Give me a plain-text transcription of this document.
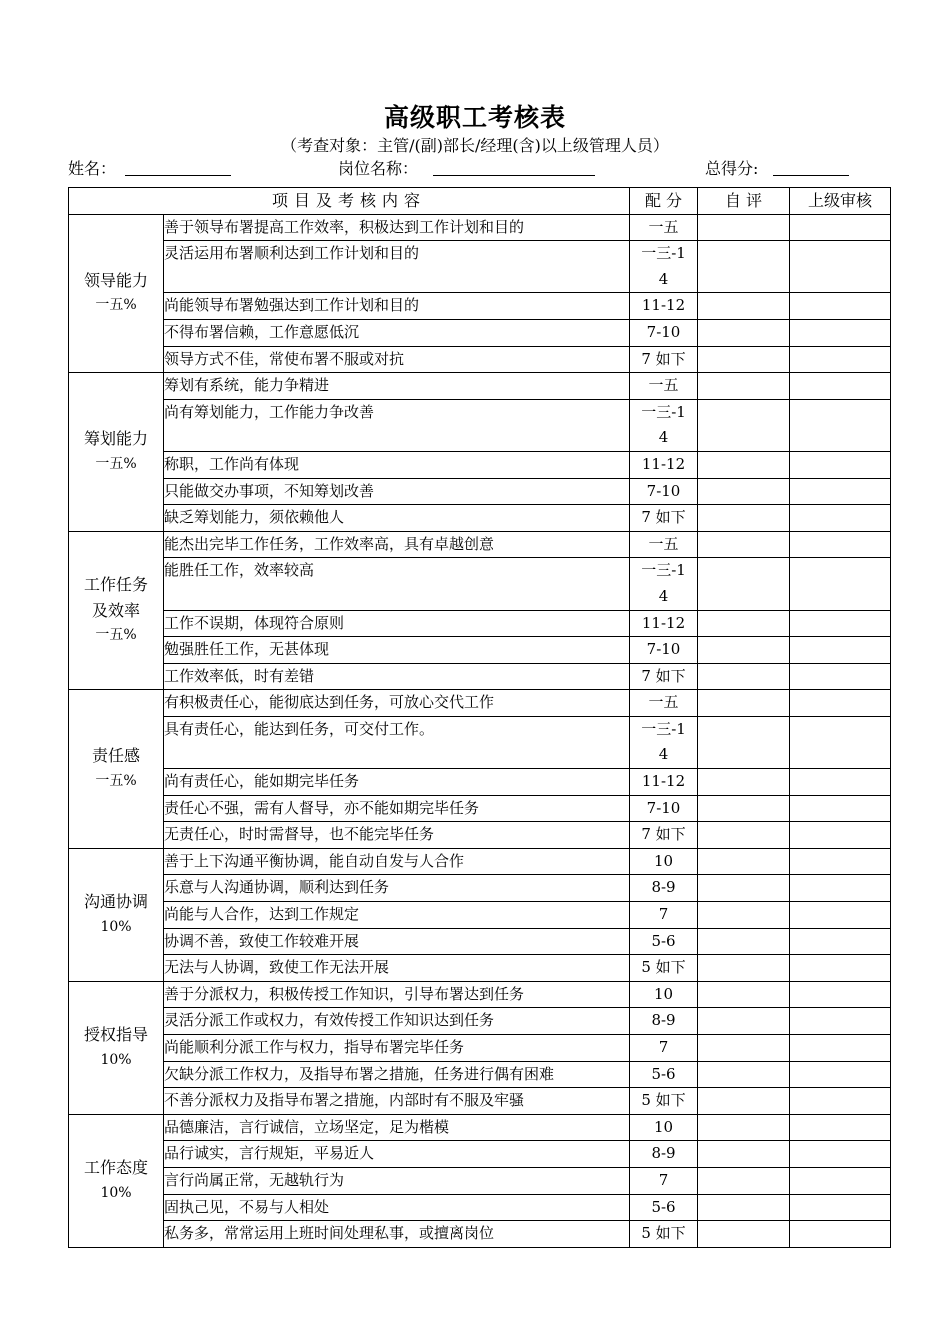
高级职工考核表
（考查对象：主管/(副)部长/经理(含)以上级管理人员）
姓名：	岗位名称：	总得分:
项目及考核内容		配 分	自 评	上级审核

领导能力
一五%	善于领导布署提高工作效率，积极达到工作计划和目的	一五		
	灵活运用布署顺利达到工作计划和目的	一三-14		
	尚能领导布署勉强达到工作计划和目的	11-12		
	不得布署信赖，工作意愿低沉	7-10		
	领导方式不佳，常使布署不服或对抗	7 如下		

筹划能力
一五%	筹划有系统，能力争精进	一五		
	尚有筹划能力，工作能力争改善	一三-14		
	称职，工作尚有体现	11-12		
	只能做交办事项，不知筹划改善	7-10		
	缺乏筹划能力，须依赖他人	7 如下		

工作任务及效率
一五%	能杰出完毕工作任务，工作效率高，具有卓越创意	一五		
	能胜任工作，效率较高	一三-14		
	工作不误期，体现符合原则	11-12		
	勉强胜任工作，无甚体现	7-10		
	工作效率低，时有差错	7 如下		

责任感
一五%	有积极责任心，能彻底达到任务，可放心交代工作	一五		
	具有责任心，能达到任务，可交付工作。	一三-14		
	尚有责任心，能如期完毕任务	11-12		
	责任心不强，需有人督导，亦不能如期完毕任务	7-10		
	无责任心，时时需督导，也不能完毕任务	7 如下		

沟通协调
10%	善于上下沟通平衡协调，能自动自发与人合作	10		
	乐意与人沟通协调，顺利达到任务	8-9		
	尚能与人合作，达到工作规定	7		
	协调不善，致使工作较难开展	5-6		
	无法与人协调，致使工作无法开展	5 如下		

授权指导
10%	善于分派权力，积极传授工作知识，引导布署达到任务	10		
	灵活分派工作或权力，有效传授工作知识达到任务	8-9		
	尚能顺利分派工作与权力，指导布署完毕任务	7		
	欠缺分派工作权力，及指导布署之措施，任务进行偶有困难	5-6		
	不善分派权力及指导布署之措施，内部时有不服及牢骚	5 如下		

工作态度
10%	品德廉洁，言行诚信，立场坚定，足为楷模	10		
	品行诚实，言行规矩，平易近人	8-9		
	言行尚属正常，无越轨行为	7		
	固执己见，不易与人相处	5-6		
	私务多，常常运用上班时间处理私事，或擅离岗位	5 如下		
